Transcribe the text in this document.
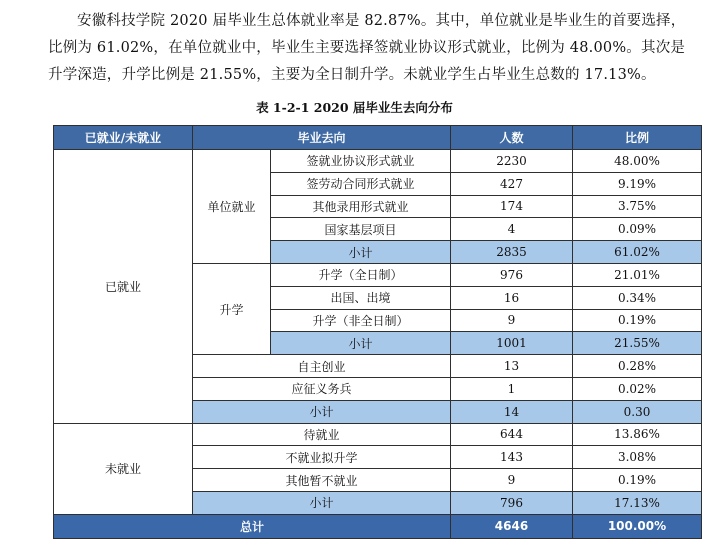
安徽科技学院 2020 届毕业生总体就业率是 82.87%。其中，单位就业是毕业生的首要选择，比例为 61.02%，在单位就业中，毕业生主要选择签就业协议形式就业，比例为 48.00%。其次是升学深造，升学比例是 21.55%，主要为全日制升学。未就业学生占毕业生总数的 17.13%。

表 1-2-1 2020 届毕业生去向分布
已就业/未就业	毕业去向		人数	比例
已就业	单位就业	签就业协议形式就业	2230	48.00%
		签劳动合同形式就业	427	9.19%
		其他录用形式就业	174	3.75%
		国家基层项目	4	0.09%
		小计	2835	61.02%
	升学	升学（全日制）	976	21.01%
		出国、出境	16	0.34%
		升学（非全日制）	9	0.19%
		小计	1001	21.55%
	自主创业		13	0.28%
	应征义务兵		1	0.02%
	小计		14	0.30
未就业	待就业		644	13.86%
	不就业拟升学		143	3.08%
	其他暂不就业		9	0.19%
	小计		796	17.13%
总计			4646	100.00%
